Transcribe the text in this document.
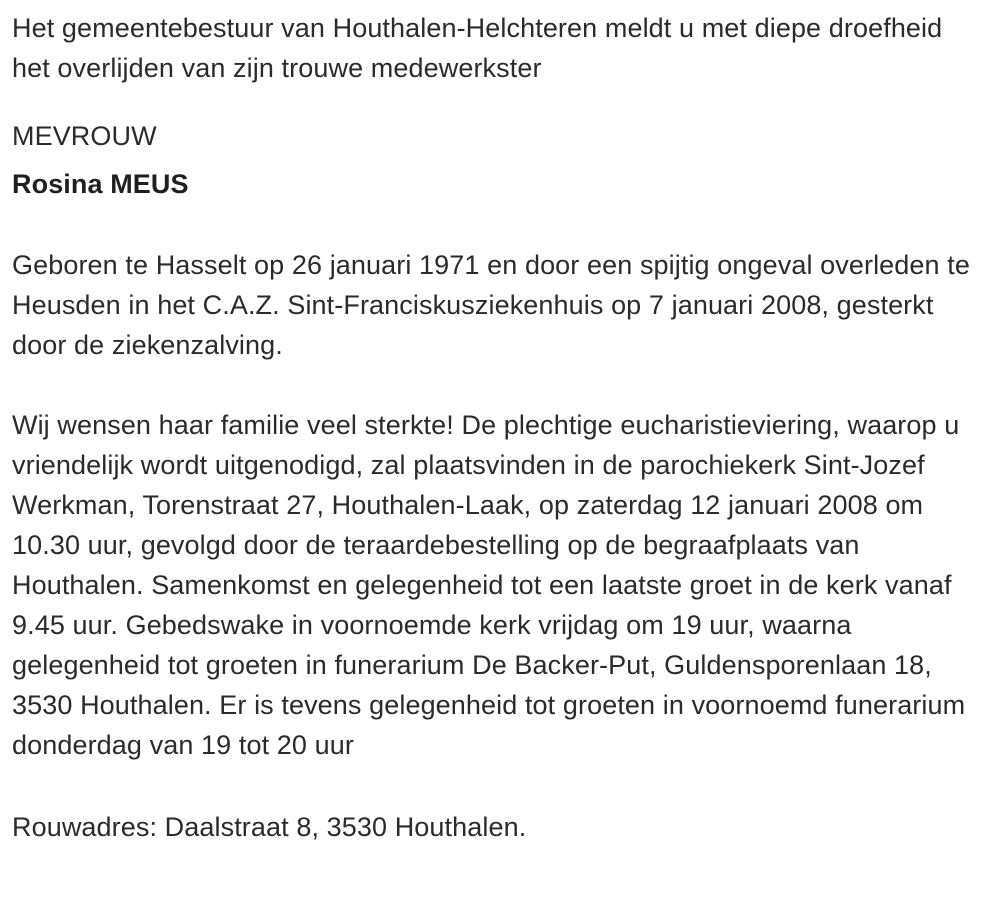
Het gemeentebestuur van Houthalen-Helchteren meldt u met diepe droefheid het overlijden van zijn trouwe medewerkster

MEVROUW

Rosina MEUS

Geboren te Hasselt op 26 januari 1971 en door een spijtig ongeval overleden te Heusden in het C.A.Z. Sint-Franciskusziekenhuis op 7 januari 2008, gesterkt door de ziekenzalving.

Wij wensen haar familie veel sterkte! De plechtige eucharistieviering, waarop u vriendelijk wordt uitgenodigd, zal plaatsvinden in de parochiekerk Sint-Jozef Werkman, Torenstraat 27, Houthalen-Laak, op zaterdag 12 januari 2008 om 10.30 uur, gevolgd door de teraardebestelling op de begraafplaats van Houthalen. Samenkomst en gelegenheid tot een laatste groet in de kerk vanaf 9.45 uur. Gebedswake in voornoemde kerk vrijdag om 19 uur, waarna gelegenheid tot groeten in funerarium De Backer-Put, Guldensporenlaan 18, 3530 Houthalen. Er is tevens gelegenheid tot groeten in voornoemd funerarium donderdag van 19 tot 20 uur

Rouwadres: Daalstraat 8, 3530 Houthalen.
